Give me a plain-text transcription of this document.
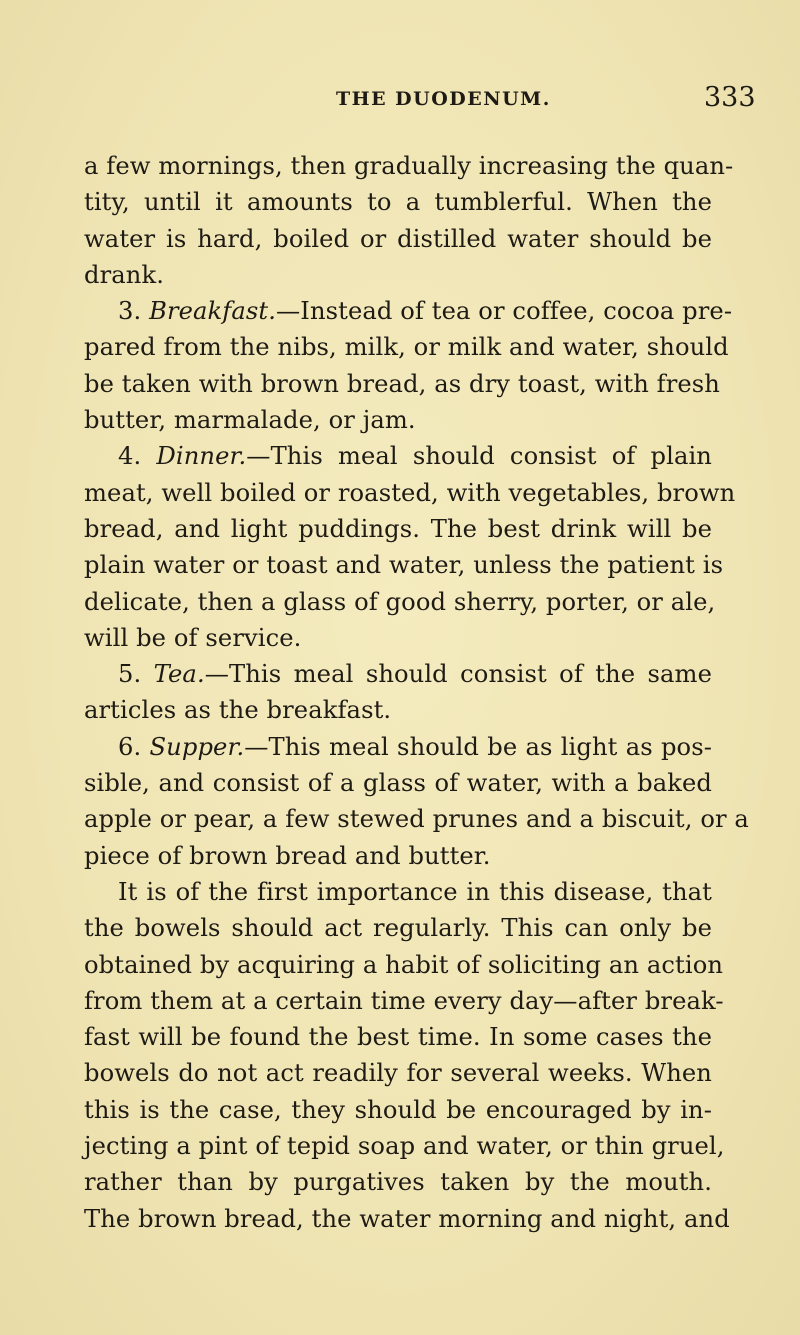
THE DUODENUM.	333
a few mornings, then gradually increasing the quan-
tity, until it amounts to a tumblerful. When the
water is hard, boiled or distilled water should be
drank.
3. Breakfast.—Instead of tea or coffee, cocoa pre-
pared from the nibs, milk, or milk and water, should
be taken with brown bread, as dry toast, with fresh
butter, marmalade, or jam.
4. Dinner.—This meal should consist of plain
meat, well boiled or roasted, with vegetables, brown
bread, and light puddings. The best drink will be
plain water or toast and water, unless the patient is
delicate, then a glass of good sherry, porter, or ale,
will be of service.
5. Tea.—This meal should consist of the same
articles as the breakfast.
6. Supper.—This meal should be as light as pos-
sible, and consist of a glass of water, with a baked
apple or pear, a few stewed prunes and a biscuit, or a
piece of brown bread and butter.
It is of the first importance in this disease, that
the bowels should act regularly. This can only be
obtained by acquiring a habit of soliciting an action
from them at a certain time every day—after break-
fast will be found the best time. In some cases the
bowels do not act readily for several weeks. When
this is the case, they should be encouraged by in-
jecting a pint of tepid soap and water, or thin gruel,
rather than by purgatives taken by the mouth.
The brown bread, the water morning and night, and
